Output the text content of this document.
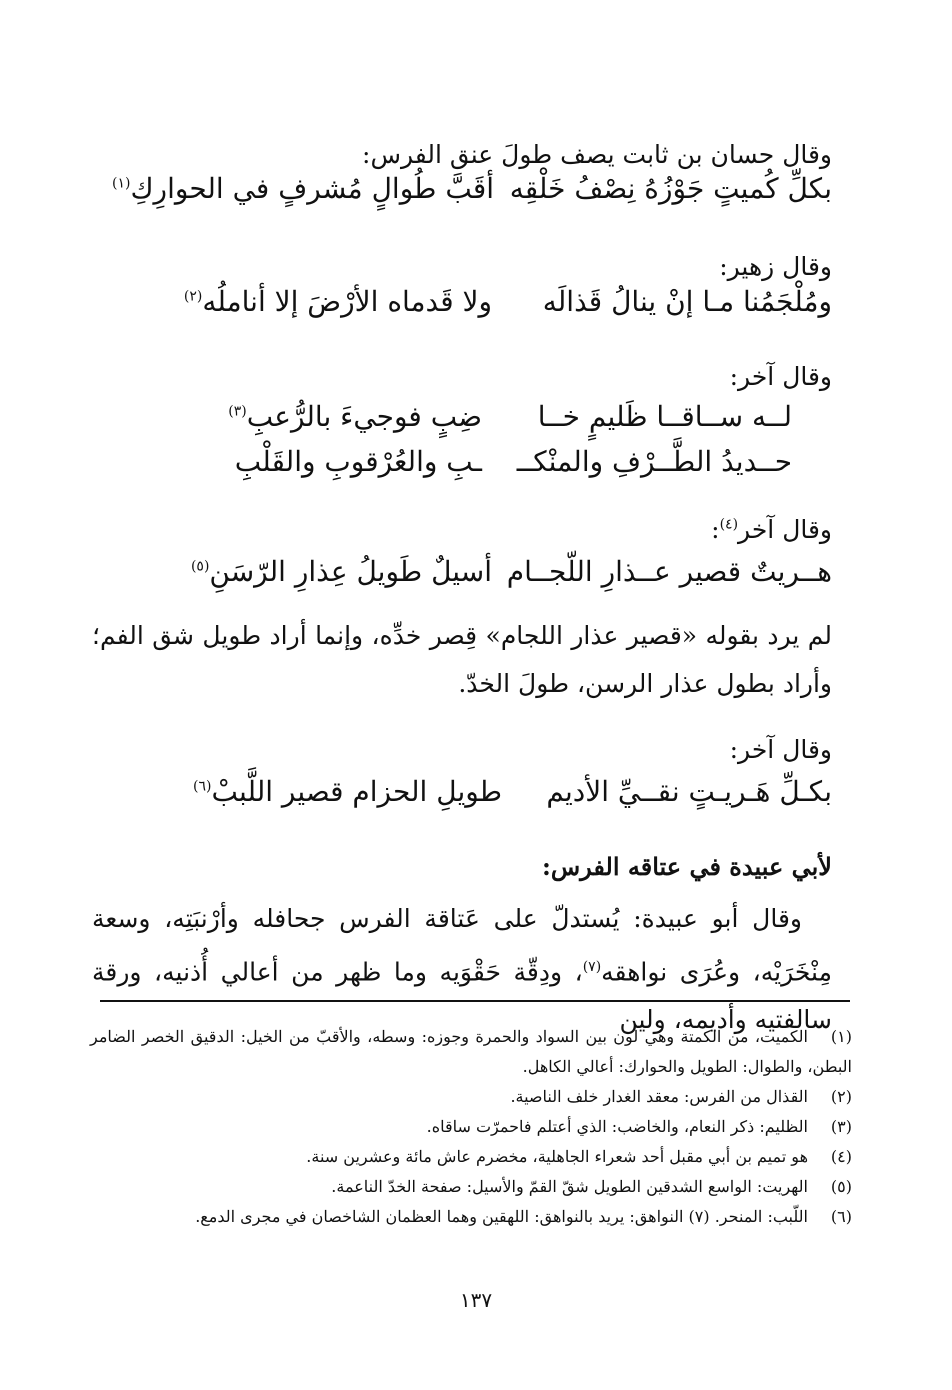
وقال حسان بن ثابت يصف طولَ عنق الفرس:
بكلِّ كُميتٍ جَوْزُهُ نِصْفُ خَلْقِه
أقَبَّ طُوالٍ مُشرفٍ في الحوارِكِ$^{(١)}$
وقال زهير:
ومُلْجَمُنا مـا إنْ ينالُ قَذالَه
ولا قَدماه الأرْضَ إلا أناملُه$^{(٢)}$
وقال آخر:
لــه ســاقــا ظَليمٍ خــا
ضِبٍ فوجيءَ بالرُّعبِ$^{(٣)}$
حــديدُ الطَّــرْفِ والمنْكــ
ـبِ والعُرْقوبِ والقَلْبِ
وقال آخر$^{(٤)}$:
هــريتٌ قصير عــذارِ اللّجــام
أسيلٌ طَويلُ عِذارِ الرّسَنِ$^{(٥)}$
لم يرد بقوله «قصير عذار اللجام» قِصر خدِّه، وإنما أراد طويل شق الفم؛ وأراد بطول عذار الرسن، طولَ الخدّ.
وقال آخر:
بكـلِّ هَـريـتٍ نقــيِّ الأديم
طويلِ الحزام قصير اللَّببْ$^{(٦)}$
لأبي عبيدة في عتاقه الفرس:
وقال أبو عبيدة: يُستدلّ على عَتاقة الفرس جحافله وأرْنبَتِه، وسعة مِنْخَرَيْه، وعُرَى نواهقه$^{(٧)}$، ودِقّة حَقْوَيه وما ظهر من أعالي أُذنيه، ورقة سالفتيه وأديمه، ولين
(١)الكميت، من الكمتة وهي لون بين السواد والحمرة وجوزه: وسطه، والأقبّ من الخيل: الدقيق الخصر الضامر البطن، والطوال: الطويل والحوارك: أعالي الكاهل.
(٢)القذال من الفرس: معقد الغدار خلف الناصية.
(٣)الظليم: ذكر النعام، والخاضب: الذي أعتلم فاحمرّت ساقاه.
(٤)هو تميم بن أبي مقبل أحد شعراء الجاهلية، مخضرم عاش مائة وعشرين سنة.
(٥)الهريت: الواسع الشدقين الطويل شقّ القمّ والأسيل: صفحة الخدّ الناعمة.
(٦)اللّبب: المنحر. (٧) النواهق: يريد بالنواهق: اللهقين وهما العظمان الشاخصان في مجرى الدمع.
١٣٧
